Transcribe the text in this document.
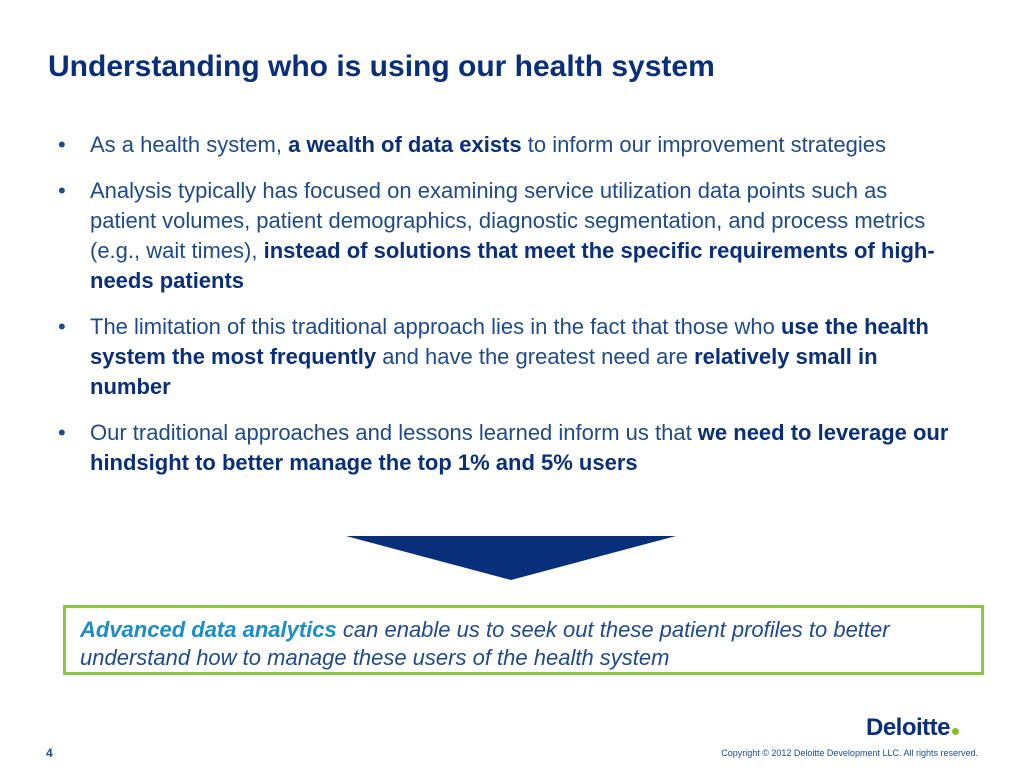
Understanding who is using our health system
• As a health system, a wealth of data exists to inform our improvement strategies
• Analysis typically has focused on examining service utilization data points such as patient volumes, patient demographics, diagnostic segmentation, and process metrics (e.g., wait times), instead of solutions that meet the specific requirements of high-needs patients
• The limitation of this traditional approach lies in the fact that those who use the health system the most frequently and have the greatest need are relatively small in number
• Our traditional approaches and lessons learned inform us that we need to leverage our hindsight to better manage the top 1% and 5% users
Advanced data analytics can enable us to seek out these patient profiles to better understand how to manage these users of the health system
4
Deloitte
Copyright © 2012 Deloitte Development LLC. All rights reserved.
